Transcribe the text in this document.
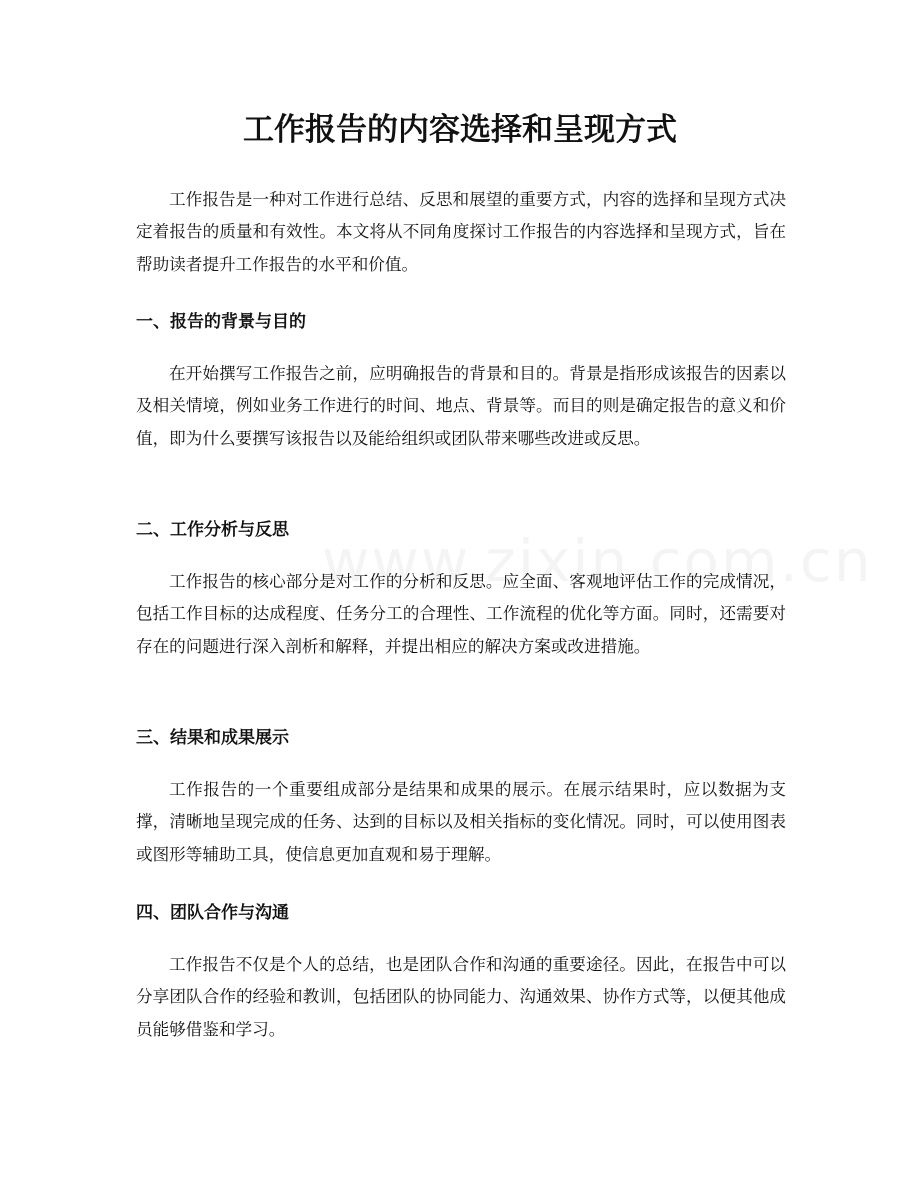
工作报告的内容选择和呈现方式

工作报告是一种对工作进行总结、反思和展望的重要方式，内容的选择和呈现方式决定着报告的质量和有效性。本文将从不同角度探讨工作报告的内容选择和呈现方式，旨在帮助读者提升工作报告的水平和价值。

一、报告的背景与目的

在开始撰写工作报告之前，应明确报告的背景和目的。背景是指形成该报告的因素以及相关情境，例如业务工作进行的时间、地点、背景等。而目的则是确定报告的意义和价值，即为什么要撰写该报告以及能给组织或团队带来哪些改进或反思。

二、工作分析与反思

工作报告的核心部分是对工作的分析和反思。应全面、客观地评估工作的完成情况，包括工作目标的达成程度、任务分工的合理性、工作流程的优化等方面。同时，还需要对存在的问题进行深入剖析和解释，并提出相应的解决方案或改进措施。

三、结果和成果展示

工作报告的一个重要组成部分是结果和成果的展示。在展示结果时，应以数据为支撑，清晰地呈现完成的任务、达到的目标以及相关指标的变化情况。同时，可以使用图表或图形等辅助工具，使信息更加直观和易于理解。

四、团队合作与沟通

工作报告不仅是个人的总结，也是团队合作和沟通的重要途径。因此，在报告中可以分享团队合作的经验和教训，包括团队的协同能力、沟通效果、协作方式等，以便其他成员能够借鉴和学习。
